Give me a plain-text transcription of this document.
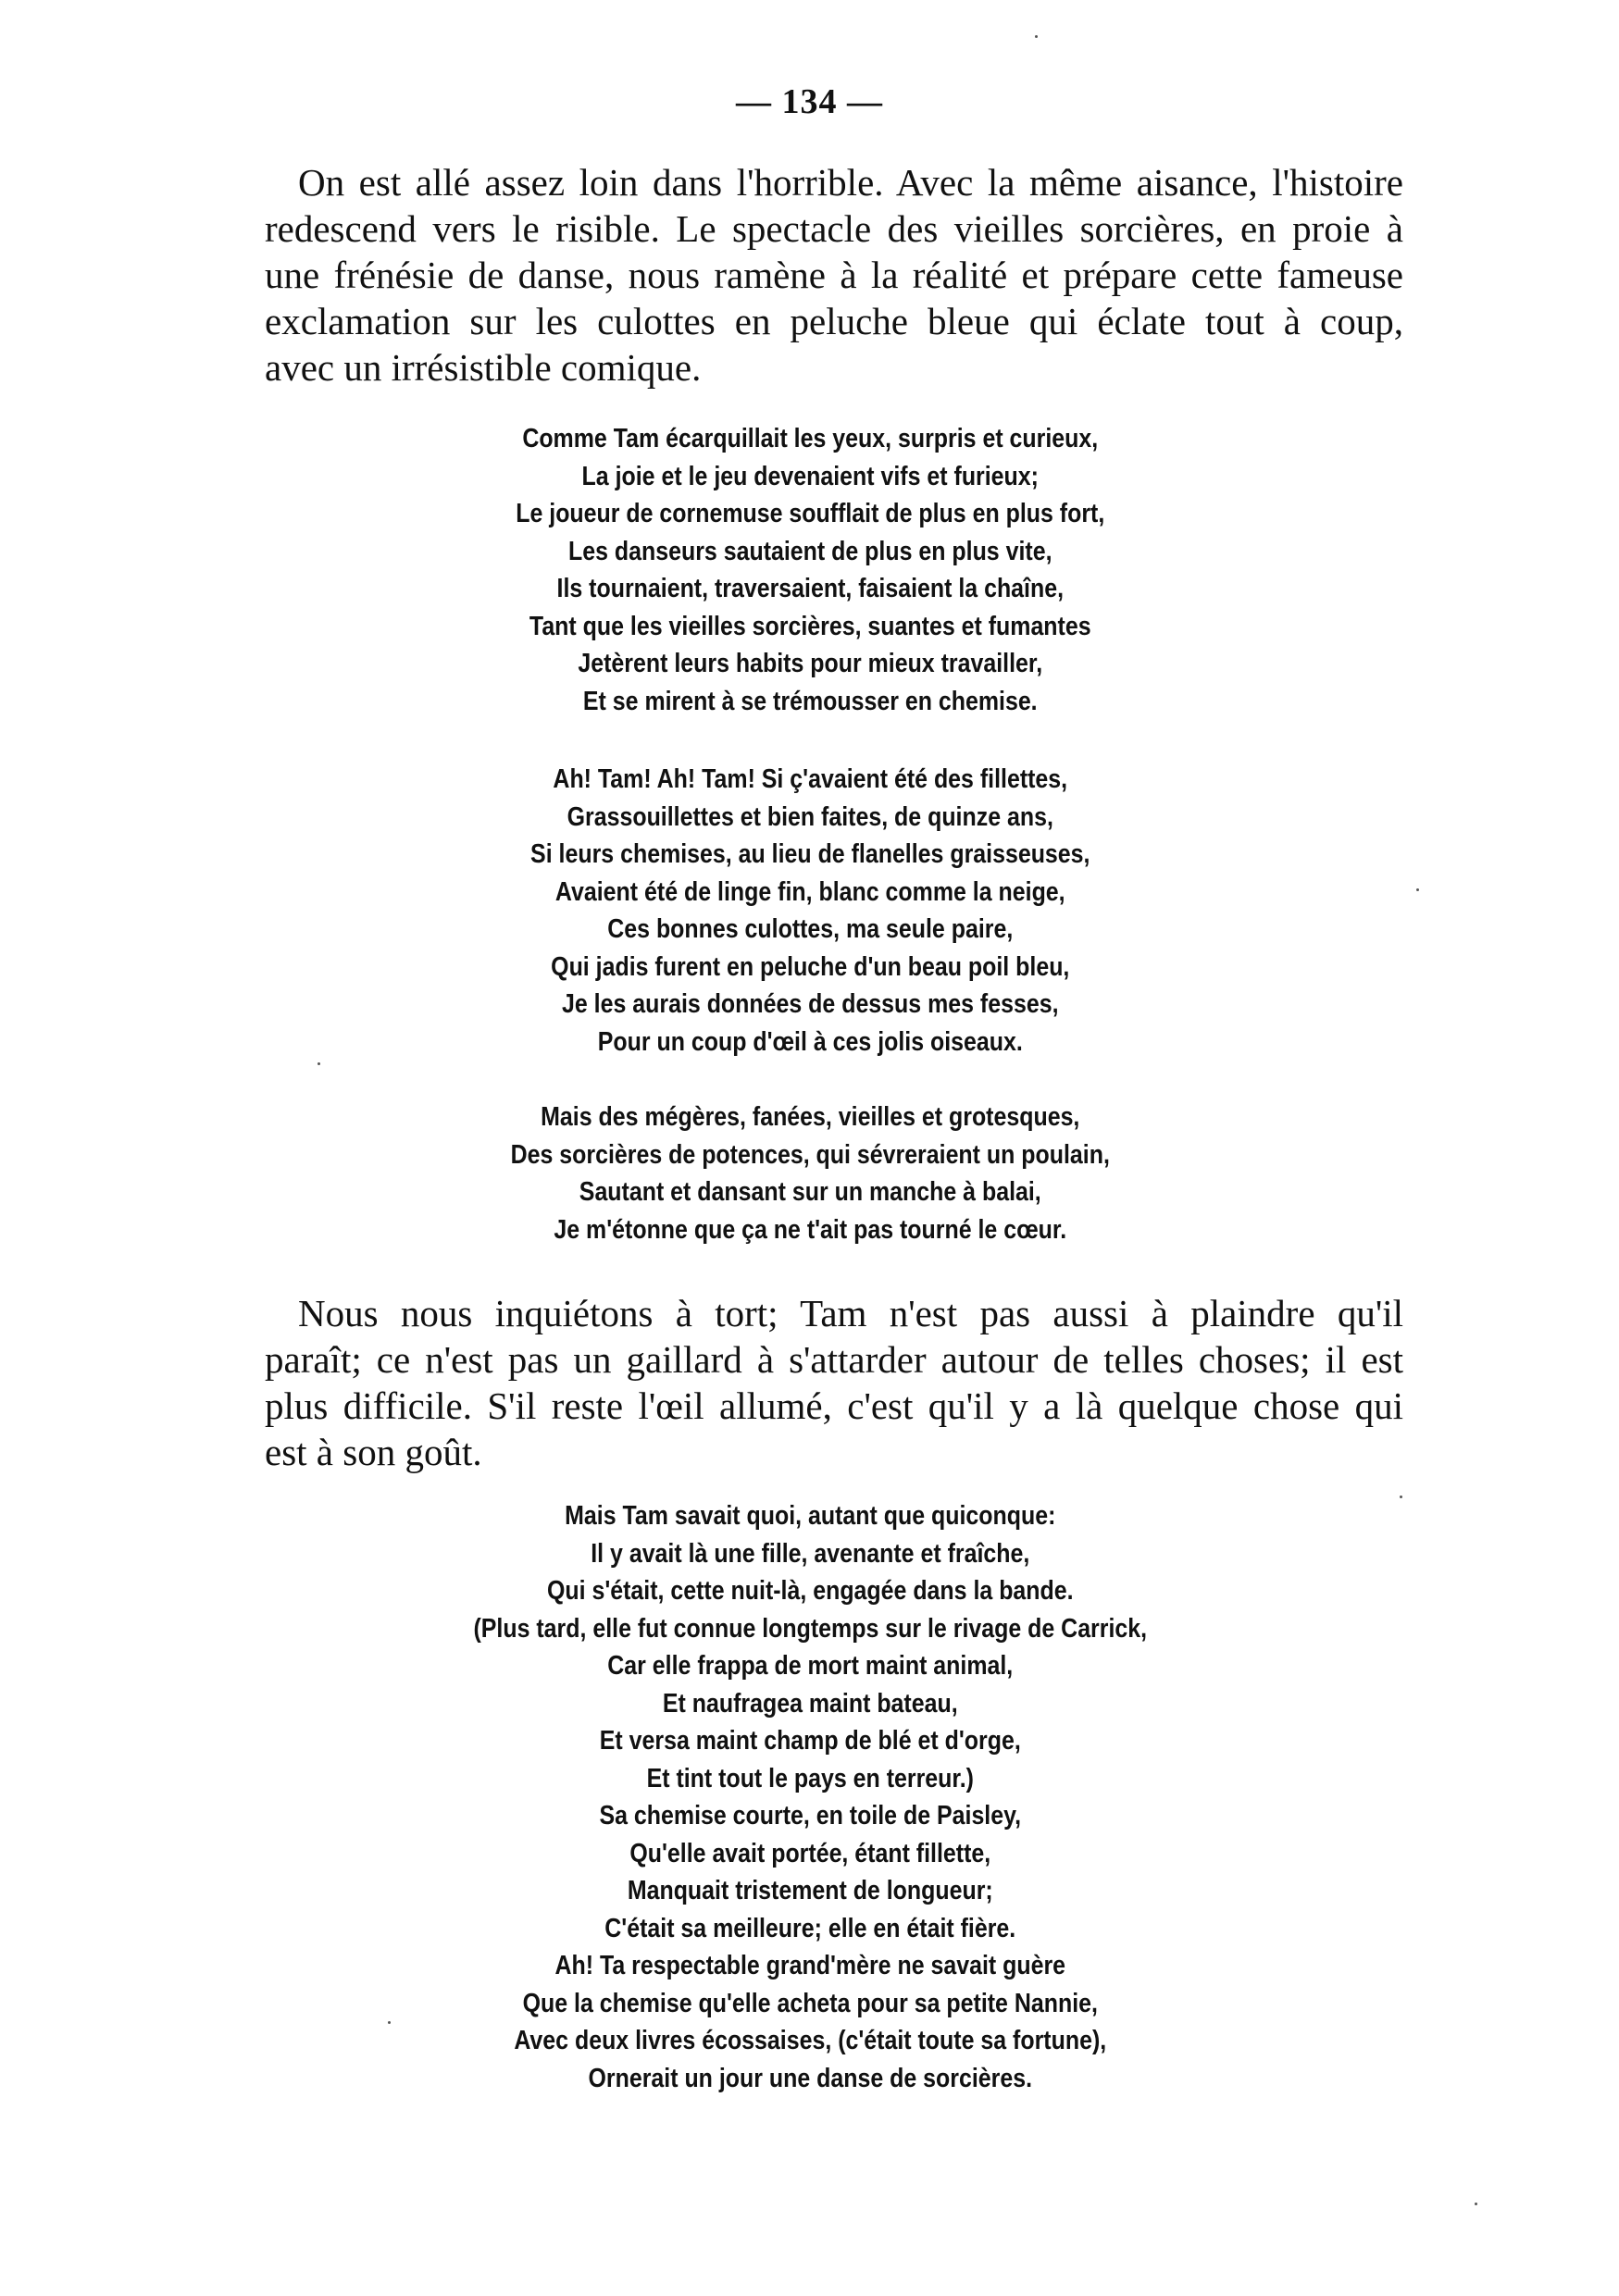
— 134 —
On est allé assez loin dans l'horrible. Avec la même aisance, l'histoire
redescend vers le risible. Le spectacle des vieilles sorcières, en proie à
une frénésie de danse, nous ramène à la réalité et prépare cette fameuse
exclamation sur les culottes en peluche bleue qui éclate tout à coup,
avec un irrésistible comique.
Comme Tam écarquillait les yeux, surpris et curieux,
La joie et le jeu devenaient vifs et furieux;
Le joueur de cornemuse soufflait de plus en plus fort,
Les danseurs sautaient de plus en plus vite,
Ils tournaient, traversaient, faisaient la chaîne,
Tant que les vieilles sorcières, suantes et fumantes
Jetèrent leurs habits pour mieux travailler,
Et se mirent à se trémousser en chemise.
Ah! Tam! Ah! Tam! Si ç'avaient été des fillettes,
Grassouillettes et bien faites, de quinze ans,
Si leurs chemises, au lieu de flanelles graisseuses,
Avaient été de linge fin, blanc comme la neige,
Ces bonnes culottes, ma seule paire,
Qui jadis furent en peluche d'un beau poil bleu,
Je les aurais données de dessus mes fesses,
Pour un coup d'œil à ces jolis oiseaux.
Mais des mégères, fanées, vieilles et grotesques,
Des sorcières de potences, qui sévreraient un poulain,
Sautant et dansant sur un manche à balai,
Je m'étonne que ça ne t'ait pas tourné le cœur.
Nous nous inquiétons à tort; Tam n'est pas aussi à plaindre qu'il
paraît; ce n'est pas un gaillard à s'attarder autour de telles choses; il est
plus difficile. S'il reste l'œil allumé, c'est qu'il y a là quelque chose qui
est à son goût.
Mais Tam savait quoi, autant que quiconque:
Il y avait là une fille, avenante et fraîche,
Qui s'était, cette nuit-là, engagée dans la bande.
(Plus tard, elle fut connue longtemps sur le rivage de Carrick,
Car elle frappa de mort maint animal,
Et naufragea maint bateau,
Et versa maint champ de blé et d'orge,
Et tint tout le pays en terreur.)
Sa chemise courte, en toile de Paisley,
Qu'elle avait portée, étant fillette,
Manquait tristement de longueur;
C'était sa meilleure; elle en était fière.
Ah! Ta respectable grand'mère ne savait guère
Que la chemise qu'elle acheta pour sa petite Nannie,
Avec deux livres écossaises, (c'était toute sa fortune),
Ornerait un jour une danse de sorcières.
